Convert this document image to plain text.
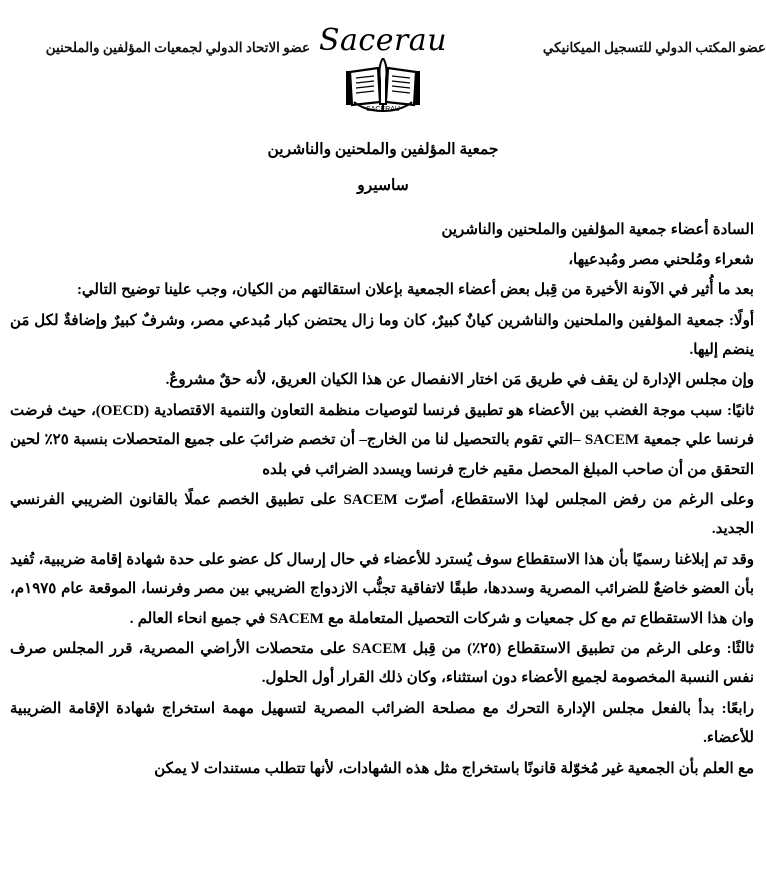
عضو الاتحاد الدولي لجمعيات المؤلفين والملحنين	عضو المكتب الدولي للتسجيل الميكانيكي
Sacerau
SACERAU
جمعية المؤلفين والملحنين والناشرين
ساسيرو

السادة أعضاء جمعية المؤلفين والملحنين والناشرين

شعراء ومُلحني مصر ومُبدعيها،

بعد ما أُثير في الآونة الأخيرة من قِبل بعض أعضاء الجمعية بإعلان استقالتهم من الكيان، وجب علينا توضيح التالي:

أولًا: جمعية المؤلفين والملحنين والناشرين كيانٌ كبيرٌ، كان وما زال يحتضن كبار مُبدعي مصر، وشرفٌ كبيرٌ وإضافةٌ لكل مَن ينضم إليها.

وإن مجلس الإدارة لن يقف في طريق مَن اختار الانفصال عن هذا الكيان العريق، لأنه حقٌ مشروعٌ.

ثانيًا: سبب موجة الغضب بين الأعضاء هو تطبيق فرنسا لتوصيات منظمة التعاون والتنمية الاقتصادية (OECD)، حيث فرضت فرنسا علي جمعية SACEM –التي تقوم بالتحصيل لنا من الخارج– أن تخصم ضرائبَ على جميع المتحصلات بنسبة ٢٥٪ لحين التحقق من أن صاحب المبلغ المحصل مقيم خارج فرنسا ويسدد الضرائب في بلده

وعلى الرغم من رفض المجلس لهذا الاستقطاع، أصرّت SACEM على تطبيق الخصم عملًا بالقانون الضريبي الفرنسي الجديد.

وقد تم إبلاغنا رسميًا بأن هذا الاستقطاع سوف يُسترد للأعضاء في حال إرسال كل عضو على حدة شهادة إقامة ضريبية، تُفيد بأن العضو خاضعٌ للضرائب المصرية وسددها، طبقًا لاتفاقية تجنُّب الازدواج الضريبي بين مصر وفرنسا، الموقعة عام ١٩٧٥م، وان هذا الاستقطاع تم مع كل جمعيات و شركات التحصيل المتعاملة مع SACEM في جميع انحاء العالم .

ثالثًا: وعلى الرغم من تطبيق الاستقطاع (٢٥٪) من قِبل SACEM على متحصلات الأراضي المصرية، قرر المجلس صرف نفس النسبة المخصومة لجميع الأعضاء دون استثناء، وكان ذلك القرار أول الحلول.

رابعًا: بدأ بالفعل مجلس الإدارة التحرك مع مصلحة الضرائب المصرية لتسهيل مهمة استخراج شهادة الإقامة الضريبية للأعضاء.

مع العلم بأن الجمعية غير مُخوّلة قانونًا باستخراج مثل هذه الشهادات، لأنها تتطلب مستندات لا يمكن
